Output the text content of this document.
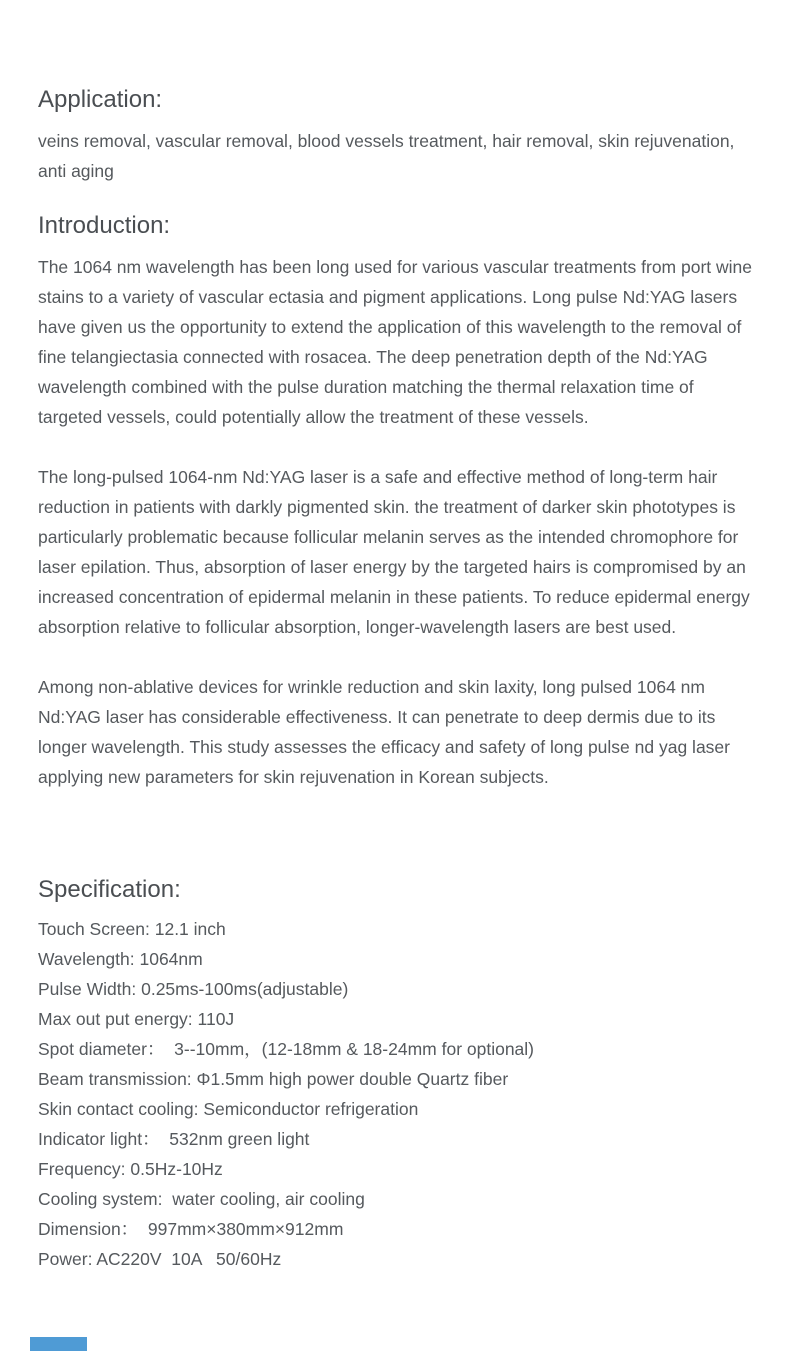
Application:

veins removal, vascular removal, blood vessels treatment, hair removal, skin rejuvenation, anti aging

Introduction:

The 1064 nm wavelength has been long used for various vascular treatments from port wine stains to a variety of vascular ectasia and pigment applications. Long pulse Nd:YAG lasers have given us the opportunity to extend the application of this wavelength to the removal of fine telangiectasia connected with rosacea. The deep penetration depth of the Nd:YAG wavelength combined with the pulse duration matching the thermal relaxation time of targeted vessels, could potentially allow the treatment of these vessels.

The long-pulsed 1064-nm Nd:YAG laser is a safe and effective method of long-term hair reduction in patients with darkly pigmented skin. the treatment of darker skin phototypes is particularly problematic because follicular melanin serves as the intended chromophore for laser epilation. Thus, absorption of laser energy by the targeted hairs is compromised by an increased concentration of epidermal melanin in these patients. To reduce epidermal energy absorption relative to follicular absorption, longer-wavelength lasers are best used.

Among non-ablative devices for wrinkle reduction and skin laxity, long pulsed 1064 nm Nd:YAG laser has considerable effectiveness. It can penetrate to deep dermis due to its longer wavelength. This study assesses the efficacy and safety of long pulse nd yag laser applying new parameters for skin rejuvenation in Korean subjects.

Specification:
Touch Screen: 12.1 inch
Wavelength: 1064nm
Pulse Width: 0.25ms-100ms(adjustable)
Max out put energy: 110J
Spot diameter：  3--10mm，(12-18mm & 18-24mm for optional)
Beam transmission: Φ1.5mm high power double Quartz fiber
Skin contact cooling: Semiconductor refrigeration
Indicator light：  532nm green light
Frequency: 0.5Hz-10Hz
Cooling system:  water cooling, air cooling
Dimension：  997mm×380mm×912mm
Power: AC220V  10A   50/60Hz
